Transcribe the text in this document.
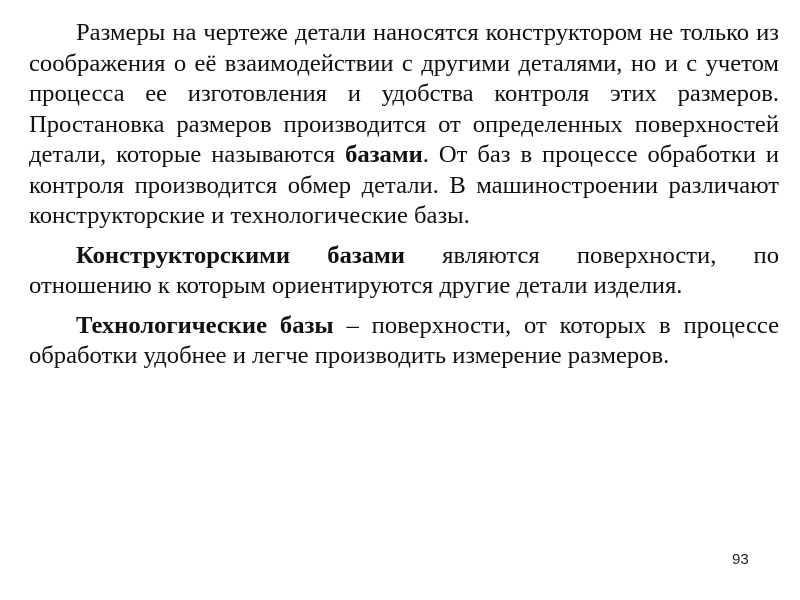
Размеры на чертеже детали наносятся конструктором не только из соображения о её взаимодействии с другими деталями, но и с учетом процесса ее изготовления и удобства контроля этих размеров. Простановка размеров производится от определенных поверхностей детали, которые называются базами. От баз в процессе обработки и контроля производится обмер детали. В машиностроении различают конструкторские и технологические базы.

Конструкторскими базами являются поверхности, по отношению к которым ориентируются другие детали изделия.

Технологические базы – поверхности, от которых в процессе обработки удобнее и легче производить измерение размеров.

93
